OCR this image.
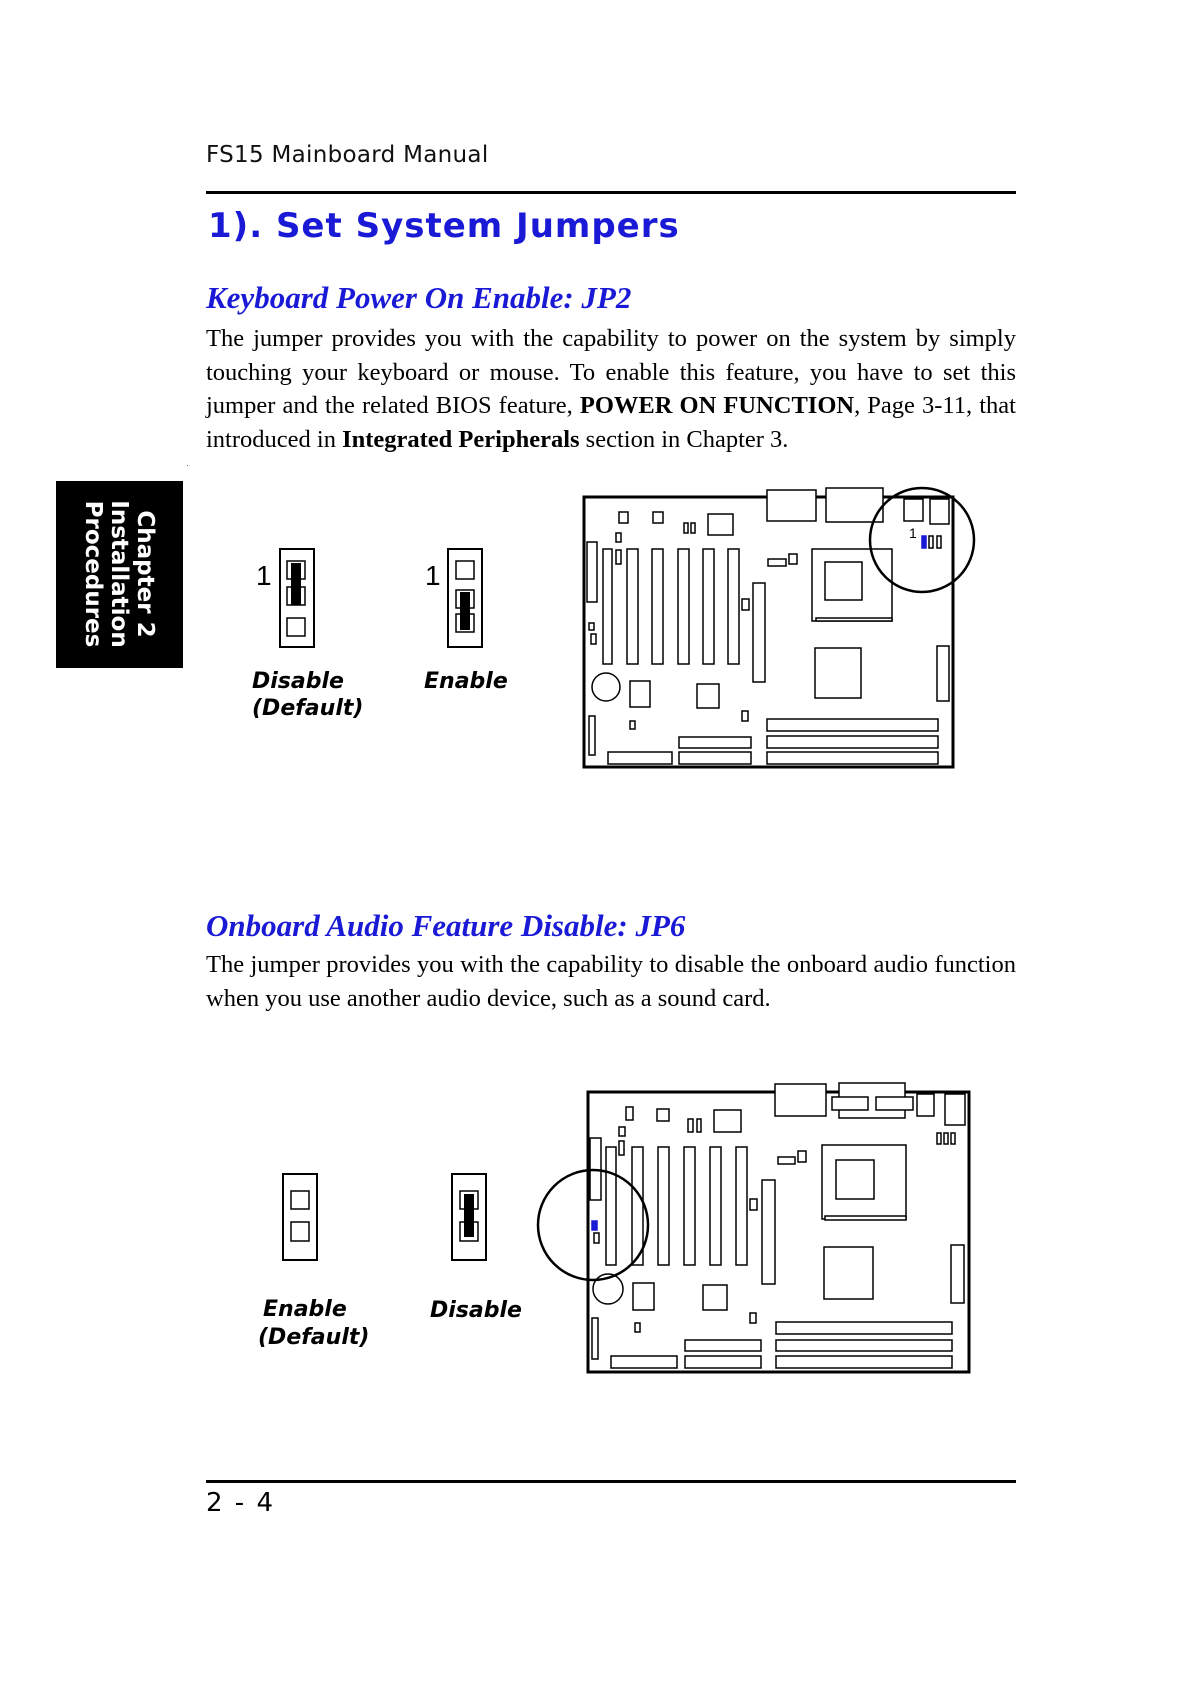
FS15 Mainboard Manual
1). Set System Jumpers
Chapter 2
Installation
Procedures
Keyboard Power On Enable: JP2
The jumper provides you with the capability to power on the system by simply touching your keyboard or mouse. To enable this feature, you have to set this jumper and the related BIOS feature, POWER ON FUNCTION, Page 3-11, that introduced in Integrated Peripherals section in Chapter 3.
1
Disable
(Default)
1
Enable
1
Onboard Audio Feature Disable: JP6
The jumper provides you with the capability to disable the onboard audio function when you use another audio device, such as a sound card.
Enable
(Default)
Disable
2 - 4
